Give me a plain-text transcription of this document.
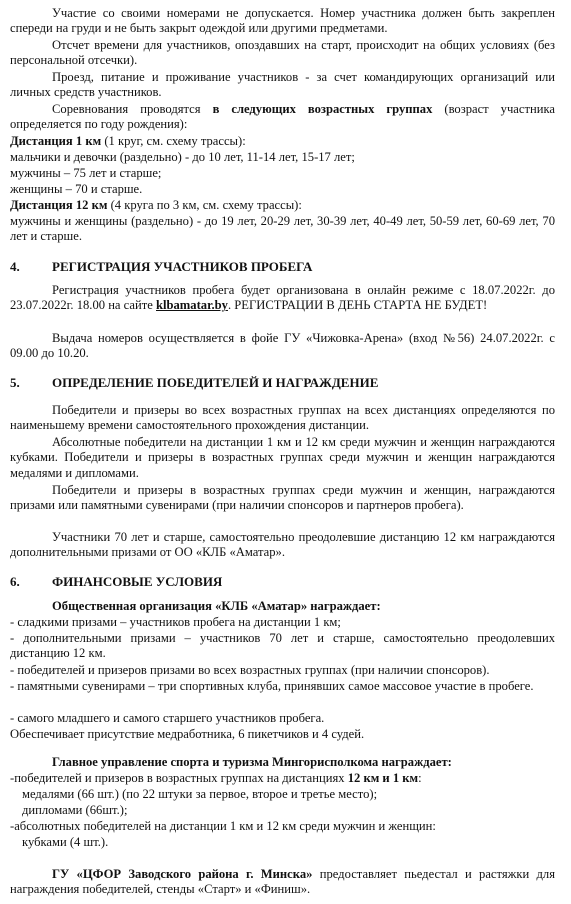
Участие со своими номерами не допускается. Номер участника должен быть закреплен спереди на груди и не быть закрыт одеждой или другими предметами.
Отсчет времени для участников, опоздавших на старт, происходит на общих условиях (без персональной отсечки).
Проезд, питание и проживание участников - за счет командирующих организаций или личных средств участников.
Соревнования проводятся в следующих возрастных группах (возраст участника определяется по году рождения):
Дистанция 1 км (1 круг, см. схему трассы):
мальчики и девочки (раздельно) - до 10 лет, 11-14 лет, 15-17 лет;
мужчины – 75 лет и старше;
женщины – 70 и старше.
Дистанция 12 км (4 круга по 3 км, см. схему трассы):
мужчины и женщины (раздельно) - до 19 лет, 20-29 лет, 30-39 лет, 40-49 лет, 50-59 лет, 60-69 лет, 70 лет и старше.
4. РЕГИСТРАЦИЯ УЧАСТНИКОВ ПРОБЕГА
Регистрация участников пробега будет организована в онлайн режиме с 18.07.2022г. до 23.07.2022г. 18.00 на сайте klbamatar.by. РЕГИСТРАЦИИ В ДЕНЬ СТАРТА НЕ БУДЕТ!
Выдача номеров осуществляется в фойе ГУ «Чижовка-Арена» (вход №56) 24.07.2022г. с 09.00 до 10.20.
5. ОПРЕДЕЛЕНИЕ ПОБЕДИТЕЛЕЙ И НАГРАЖДЕНИЕ
Победители и призеры во всех возрастных группах на всех дистанциях определяются по наименьшему времени самостоятельного прохождения дистанции.
Абсолютные победители на дистанции 1 км и 12 км среди мужчин и женщин награждаются кубками. Победители и призеры в возрастных группах среди мужчин и женщин награждаются медалями и дипломами.
Победители и призеры в возрастных группах среди мужчин и женщин, награждаются призами или памятными сувенирами (при наличии спонсоров и партнеров пробега).
Участники 70 лет и старше, самостоятельно преодолевшие дистанцию 12 км награждаются дополнительными призами от ОО «КЛБ «Аматар».
6. ФИНАНСОВЫЕ УСЛОВИЯ
Общественная организация «КЛБ «Аматар» награждает:
- сладкими призами – участников пробега на дистанции 1 км;
- дополнительными призами – участников 70 лет и старше, самостоятельно преодолевших дистанцию 12 км.
- победителей и призеров призами во всех возрастных группах (при наличии спонсоров).
- памятными сувенирами – три спортивных клуба, принявших самое массовое участие в пробеге.
- самого младшего и самого старшего участников пробега.
Обеспечивает присутствие медработника, 6 пикетчиков и 4 судей.
Главное управление спорта и туризма Мингорисполкома награждает:
-победителей и призеров в возрастных группах на дистанциях 12 км и 1 км:
медалями (66 шт.) (по 22 штуки за первое, второе и третье место);
дипломами (66шт.);
-абсолютных победителей на дистанции 1 км и 12 км среди мужчин и женщин:
кубками (4 шт.).
ГУ «ЦФОР Заводского района г. Минска» предоставляет пьедестал и растяжки для награждения победителей, стенды «Старт» и «Финиш».
